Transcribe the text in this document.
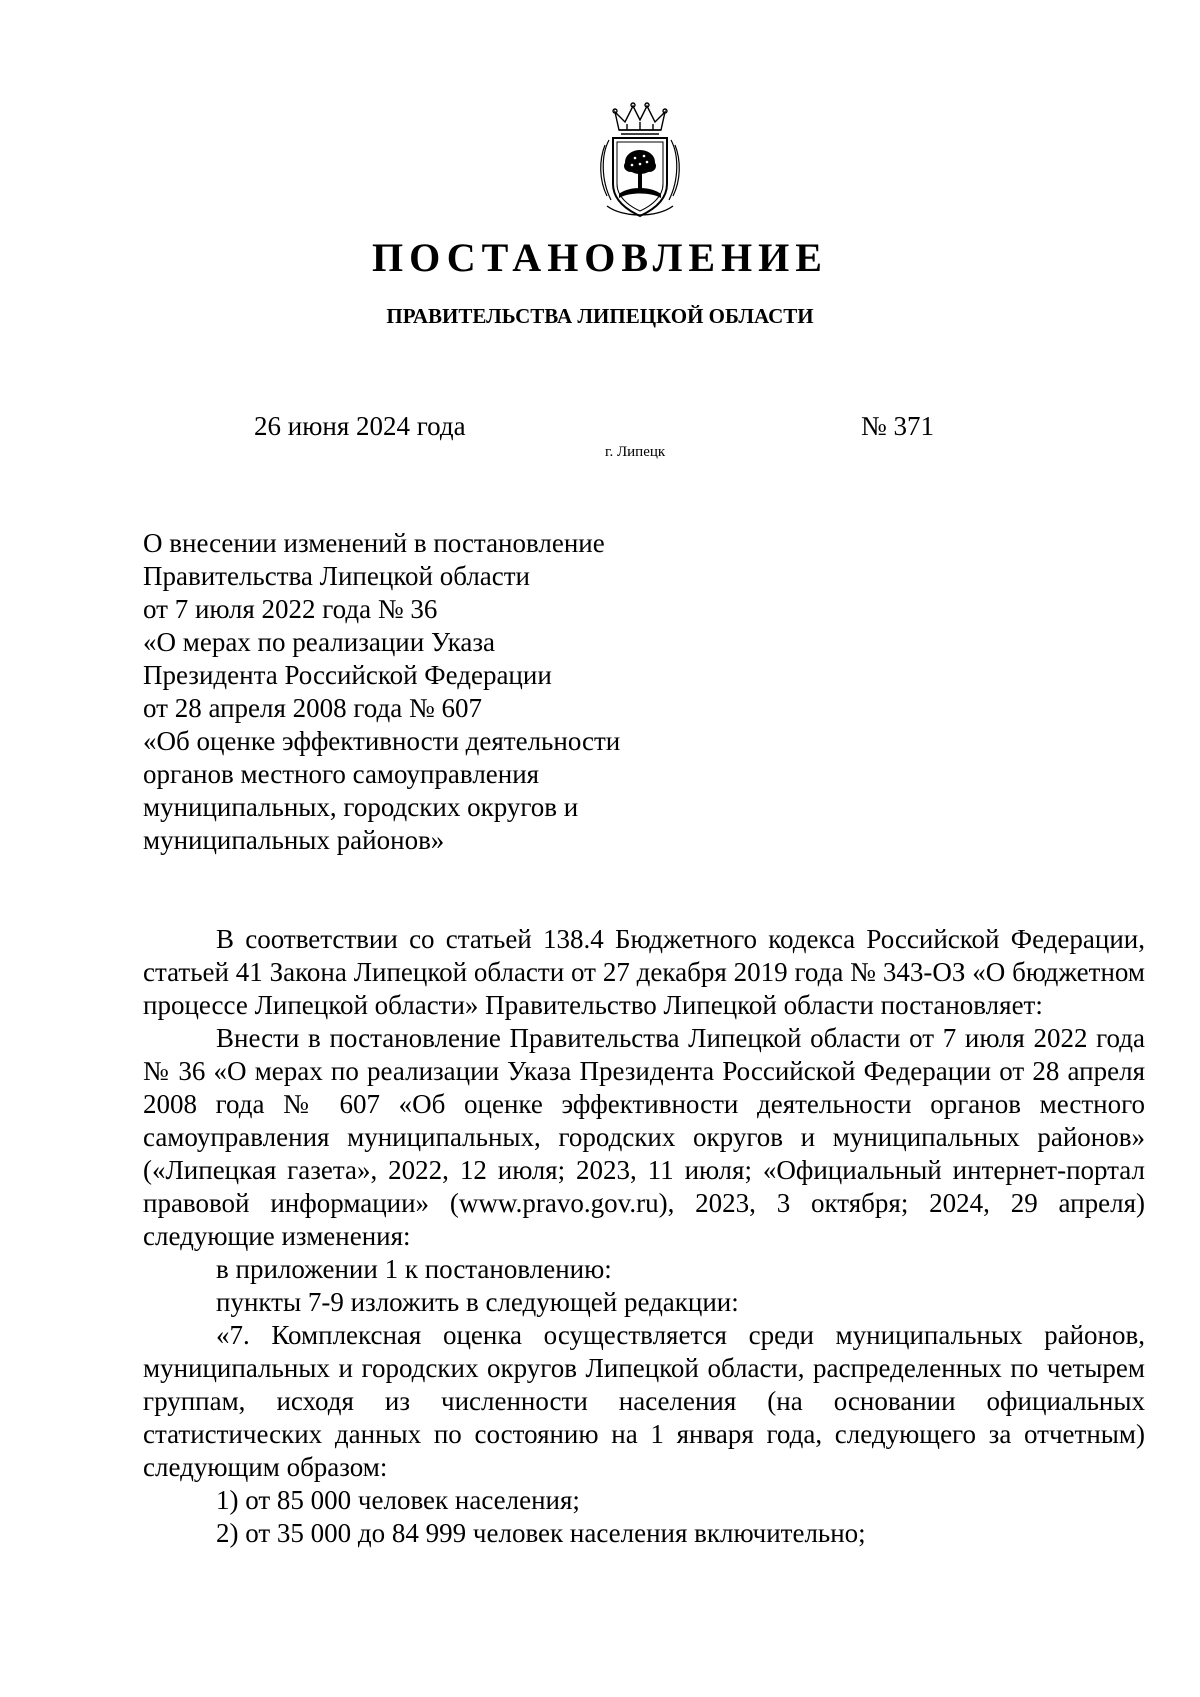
ПОСТАНОВЛЕНИЕ
ПРАВИТЕЛЬСТВА ЛИПЕЦКОЙ ОБЛАСТИ
26 июня 2024 года
г. Липецк
№ 371
О внесении изменений в постановление
Правительства Липецкой области
от 7 июля 2022 года № 36
«О мерах по реализации Указа
Президента Российской Федерации
от 28 апреля 2008 года № 607
«Об оценке эффективности деятельности
органов местного самоуправления
муниципальных, городских округов и
муниципальных районов»

В соответствии со статьей 138.4 Бюджетного кодекса Российской Федерации, статьей 41 Закона Липецкой области от 27 декабря 2019 года № 343-ОЗ «О бюджетном процессе Липецкой области» Правительство Липецкой области постановляет:

Внести в постановление Правительства Липецкой области от 7 июля 2022 года № 36 «О мерах по реализации Указа Президента Российской Федерации от 28 апреля 2008 года № 607 «Об оценке эффективности деятельности органов местного самоуправления муниципальных, городских округов и муниципальных районов» («Липецкая газета», 2022, 12 июля; 2023, 11 июля; «Официальный интернет-портал правовой информации» (www.pravo.gov.ru), 2023, 3 октября; 2024, 29 апреля) следующие изменения:

в приложении 1 к постановлению:

пункты 7-9 изложить в следующей редакции:

«7. Комплексная оценка осуществляется среди муниципальных районов, муниципальных и городских округов Липецкой области, распределенных по четырем группам, исходя из численности населения (на основании официальных статистических данных по состоянию на 1 января года, следующего за отчетным) следующим образом:

1) от 85 000 человек населения;

2) от 35 000 до 84 999 человек населения включительно;
